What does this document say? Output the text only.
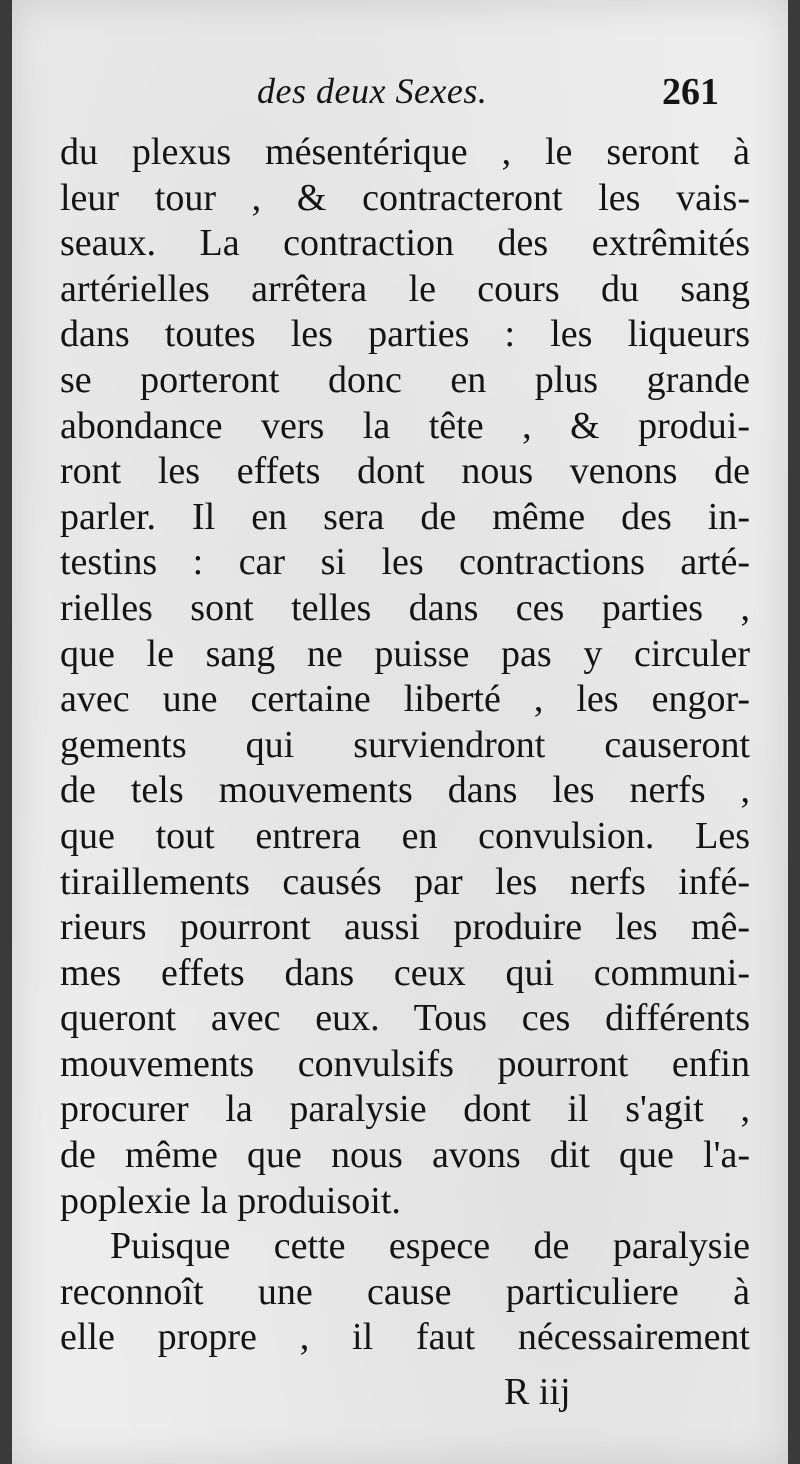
des deux Sexes.	261
du plexus mésentérique , le seront à
leur tour , & contracteront les vais-
seaux. La contraction des extrêmités
artérielles arrêtera le cours du sang
dans toutes les parties : les liqueurs
se porteront donc en plus grande
abondance vers la tête , & produi-
ront les effets dont nous venons de
parler. Il en sera de même des in-
testins : car si les contractions arté-
rielles sont telles dans ces parties ,
que le sang ne puisse pas y circuler
avec une certaine liberté , les engor-
gements qui surviendront causeront
de tels mouvements dans les nerfs ,
que tout entrera en convulsion. Les
tiraillements causés par les nerfs infé-
rieurs pourront aussi produire les mê-
mes effets dans ceux qui communi-
queront avec eux. Tous ces différents
mouvements convulsifs pourront enfin
procurer la paralysie dont il s'agit ,
de même que nous avons dit que l'a-
poplexie la produisoit.
Puisque cette espece de paralysie
reconnoît une cause particuliere à
elle propre , il faut nécessairement
R iij
